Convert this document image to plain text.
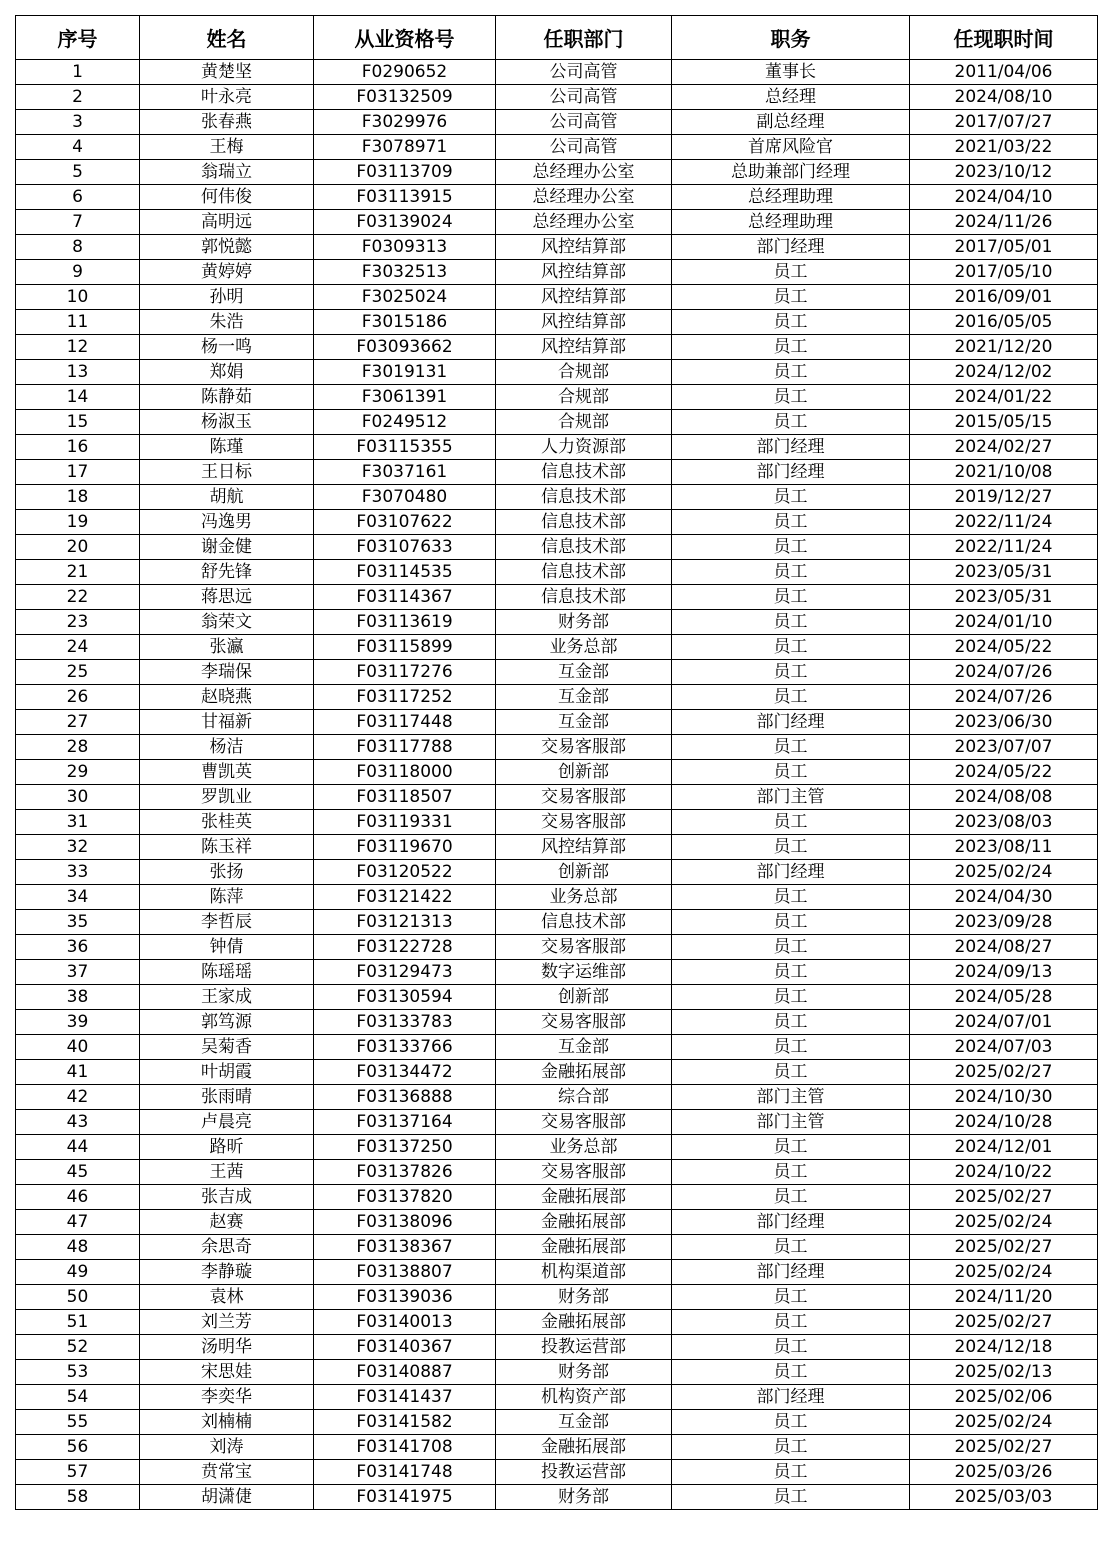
序号	姓名	从业资格号	任职部门	职务	任现职时间
1	黄楚坚	F0290652	公司高管	董事长	2011/04/06
2	叶永亮	F03132509	公司高管	总经理	2024/08/10
3	张春燕	F3029976	公司高管	副总经理	2017/07/27
4	王梅	F3078971	公司高管	首席风险官	2021/03/22
5	翁瑞立	F03113709	总经理办公室	总助兼部门经理	2023/10/12
6	何伟俊	F03113915	总经理办公室	总经理助理	2024/04/10
7	高明远	F03139024	总经理办公室	总经理助理	2024/11/26
8	郭悦懿	F0309313	风控结算部	部门经理	2017/05/01
9	黄婷婷	F3032513	风控结算部	员工	2017/05/10
10	孙明	F3025024	风控结算部	员工	2016/09/01
11	朱浩	F3015186	风控结算部	员工	2016/05/05
12	杨一鸣	F03093662	风控结算部	员工	2021/12/20
13	郑娟	F3019131	合规部	员工	2024/12/02
14	陈静茹	F3061391	合规部	员工	2024/01/22
15	杨淑玉	F0249512	合规部	员工	2015/05/15
16	陈瑾	F03115355	人力资源部	部门经理	2024/02/27
17	王日标	F3037161	信息技术部	部门经理	2021/10/08
18	胡航	F3070480	信息技术部	员工	2019/12/27
19	冯逸男	F03107622	信息技术部	员工	2022/11/24
20	谢金健	F03107633	信息技术部	员工	2022/11/24
21	舒先锋	F03114535	信息技术部	员工	2023/05/31
22	蒋思远	F03114367	信息技术部	员工	2023/05/31
23	翁荣文	F03113619	财务部	员工	2024/01/10
24	张瀛	F03115899	业务总部	员工	2024/05/22
25	李瑞保	F03117276	互金部	员工	2024/07/26
26	赵晓燕	F03117252	互金部	员工	2024/07/26
27	甘福新	F03117448	互金部	部门经理	2023/06/30
28	杨洁	F03117788	交易客服部	员工	2023/07/07
29	曹凯英	F03118000	创新部	员工	2024/05/22
30	罗凯业	F03118507	交易客服部	部门主管	2024/08/08
31	张桂英	F03119331	交易客服部	员工	2023/08/03
32	陈玉祥	F03119670	风控结算部	员工	2023/08/11
33	张扬	F03120522	创新部	部门经理	2025/02/24
34	陈萍	F03121422	业务总部	员工	2024/04/30
35	李哲辰	F03121313	信息技术部	员工	2023/09/28
36	钟倩	F03122728	交易客服部	员工	2024/08/27
37	陈瑶瑶	F03129473	数字运维部	员工	2024/09/13
38	王家成	F03130594	创新部	员工	2024/05/28
39	郭笃源	F03133783	交易客服部	员工	2024/07/01
40	吴菊香	F03133766	互金部	员工	2024/07/03
41	叶胡霞	F03134472	金融拓展部	员工	2025/02/27
42	张雨晴	F03136888	综合部	部门主管	2024/10/30
43	卢晨亮	F03137164	交易客服部	部门主管	2024/10/28
44	路昕	F03137250	业务总部	员工	2024/12/01
45	王茜	F03137826	交易客服部	员工	2024/10/22
46	张吉成	F03137820	金融拓展部	员工	2025/02/27
47	赵赛	F03138096	金融拓展部	部门经理	2025/02/24
48	余思奇	F03138367	金融拓展部	员工	2025/02/27
49	李静璇	F03138807	机构渠道部	部门经理	2025/02/24
50	袁林	F03139036	财务部	员工	2024/11/20
51	刘兰芳	F03140013	金融拓展部	员工	2025/02/27
52	汤明华	F03140367	投教运营部	员工	2024/12/18
53	宋思娃	F03140887	财务部	员工	2025/02/13
54	李奕华	F03141437	机构资产部	部门经理	2025/02/06
55	刘楠楠	F03141582	互金部	员工	2025/02/24
56	刘涛	F03141708	金融拓展部	员工	2025/02/27
57	贲常宝	F03141748	投教运营部	员工	2025/03/26
58	胡潇倢	F03141975	财务部	员工	2025/03/03
